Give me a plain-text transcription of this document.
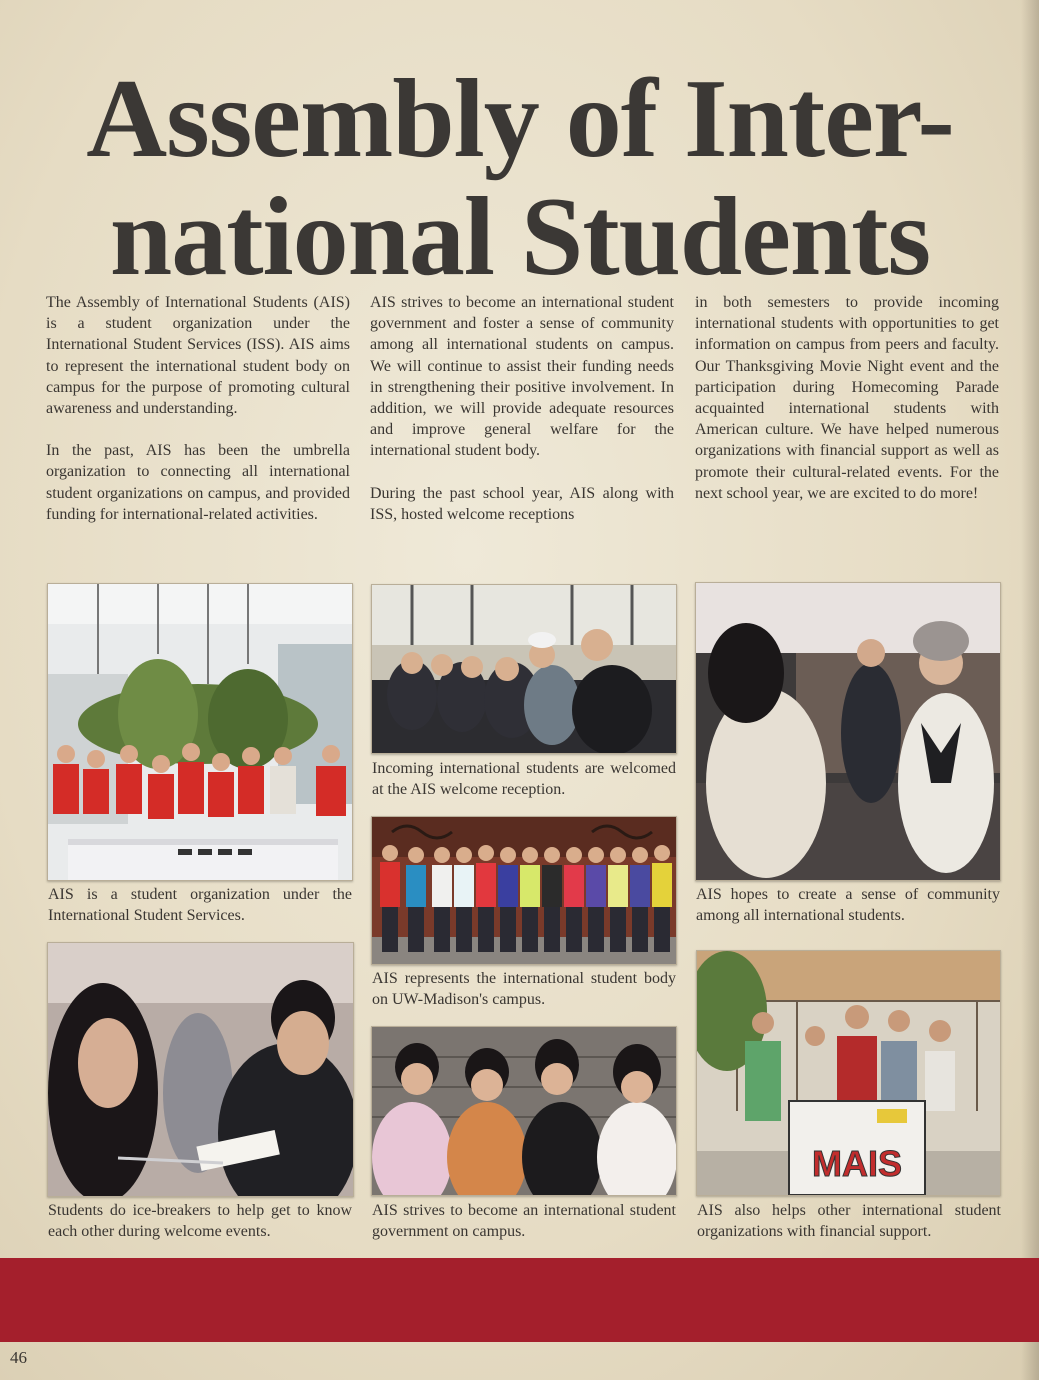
Assembly of Inter-
national Students

The Assembly of International Students (AIS) is a student organization under the International Student Services (ISS). AIS aims to represent the international student body on campus for the purpose of promoting cultural awareness and understanding.

In the past, AIS has been the umbrella organization to connecting all international student organizations on campus, and provided funding for international-related activities.

AIS strives to become an international student government and foster a sense of community among all international students on campus. We will continue to assist their funding needs in strengthening their positive involvement. In addition, we will provide adequate resources and improve general welfare for the international student body.

During the past school year, AIS along with ISS, hosted welcome receptions

in both semesters to provide incoming international students with opportunities to get information on campus from peers and faculty. Our Thanksgiving Movie Night event and the participation during Homecoming Parade acquainted international students with American culture. We have helped numerous organizations with financial support as well as promote their cultural-related events. For the next school year, we are excited to do more!

AIS is a student organization under the International Student Services.
Incoming international students are welcomed at the AIS welcome reception.
AIS hopes to create a sense of community among all international students.
AIS represents the international student body on UW-Madison's campus.
Students do ice-breakers to help get to know each other during welcome events.
AIS strives to become an international student government on campus.
MAIS
AIS also helps other international student organizations with financial support.
46
